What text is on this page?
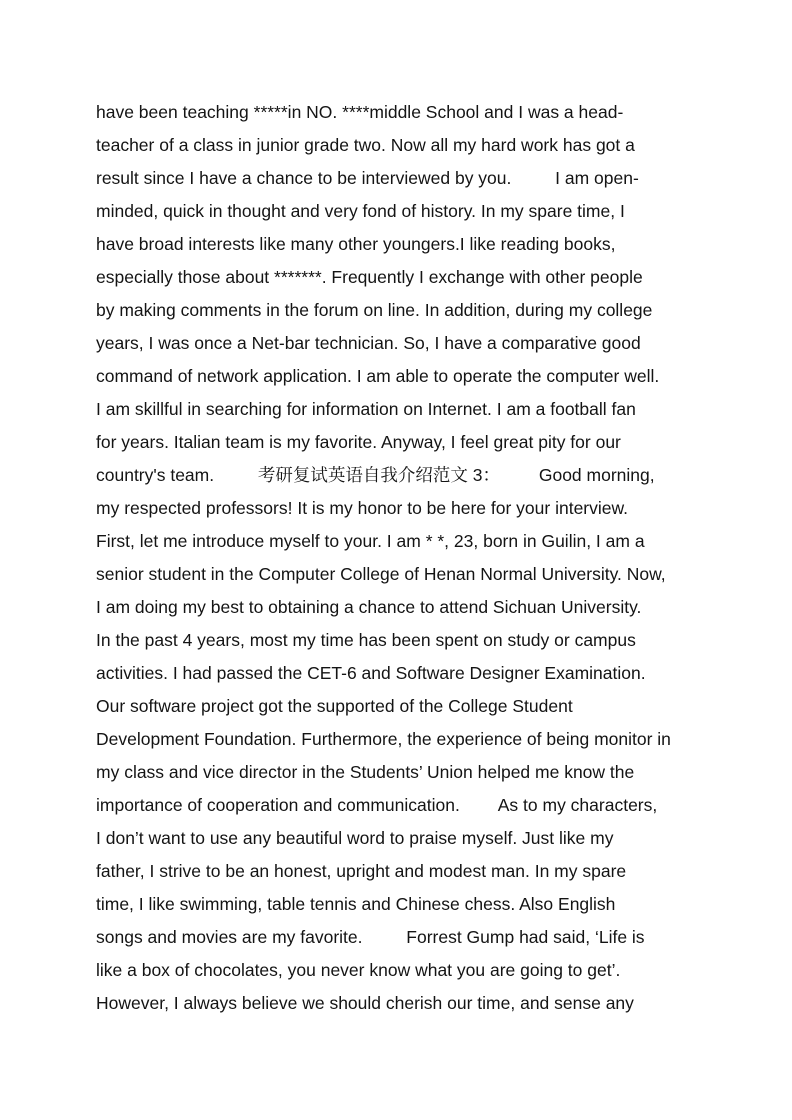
have been teaching *****in NO. ****middle School and I was a head-
teacher of a class in junior grade two. Now all my hard work has got a
result since I have a chance to be interviewed by you.         I am open-
minded, quick in thought and very fond of history. In my spare time, I
have broad interests like many other youngers.I like reading books,
especially those about *******. Frequently I exchange with other people
by making comments in the forum on line. In addition, during my college
years, I was once a Net-bar technician. So, I have a comparative good
command of network application. I am able to operate the computer well.
I am skillful in searching for information on Internet. I am a football fan
for years. Italian team is my favorite. Anyway, I feel great pity for our
country's team.         考研复试英语自我介绍范文 3：        Good morning,
my respected professors! It is my honor to be here for your interview.
First, let me introduce myself to your. I am * *, 23, born in Guilin, I am a
senior student in the Computer College of Henan Normal University. Now,
I am doing my best to obtaining a chance to attend Sichuan University.
In the past 4 years, most my time has been spent on study or campus
activities. I had passed the CET-6 and Software Designer Examination.
Our software project got the supported of the College Student
Development Foundation. Furthermore, the experience of being monitor in
my class and vice director in the Students’ Union helped me know the
importance of cooperation and communication.        As to my characters,
I don’t want to use any beautiful word to praise myself. Just like my
father, I strive to be an honest, upright and modest man. In my spare
time, I like swimming, table tennis and Chinese chess. Also English
songs and movies are my favorite.         Forrest Gump had said, ‘Life is
like a box of chocolates, you never know what you are going to get’.
However, I always believe we should cherish our time, and sense any
